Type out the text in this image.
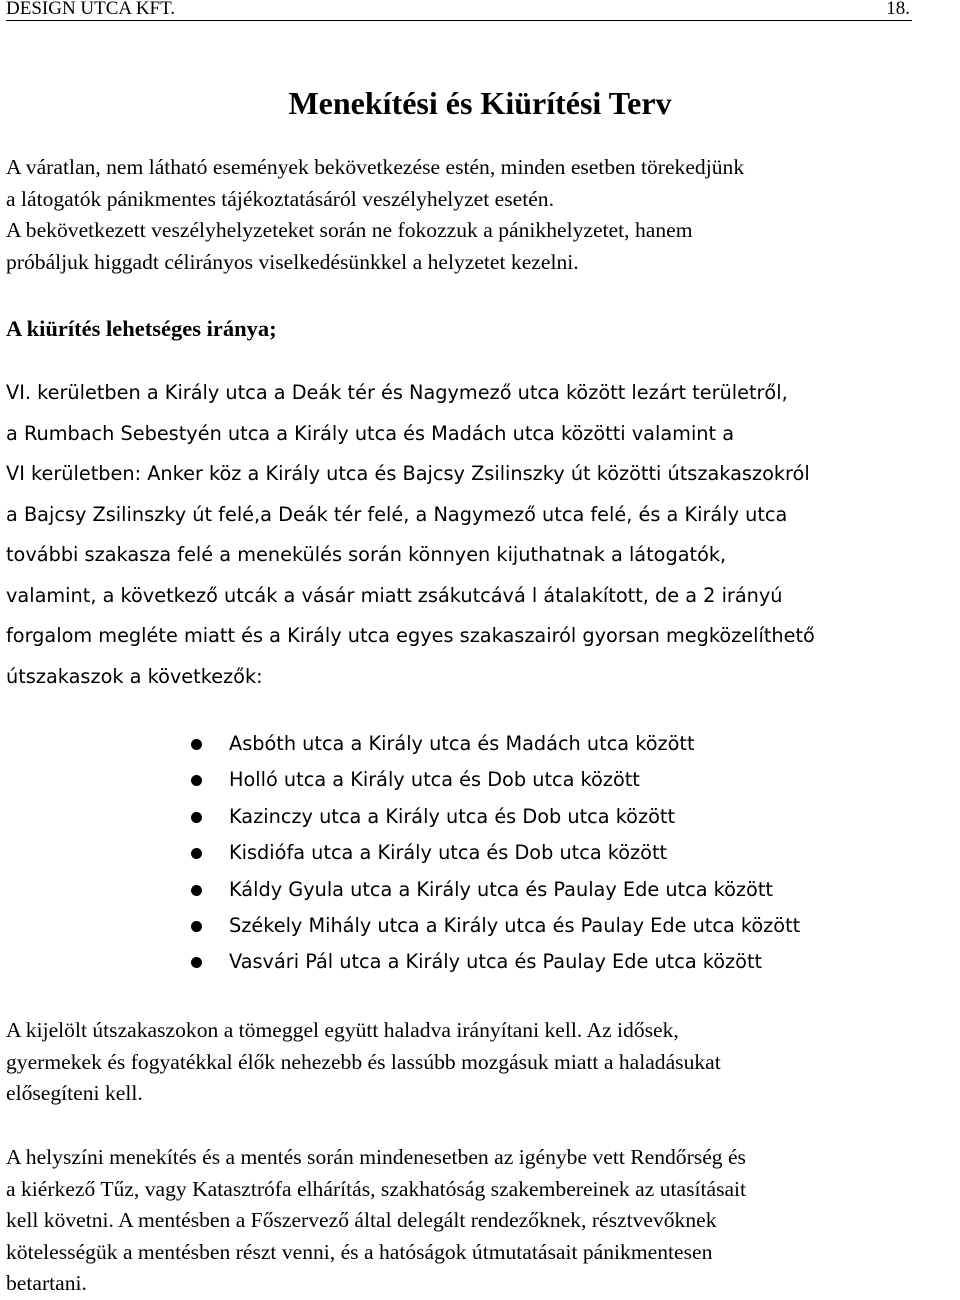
DESIGN UTCA KFT.	18.
Menekítési és Kiürítési Terv

A váratlan, nem látható események bekövetkezése estén, minden esetben törekedjünk
a látogatók pánikmentes tájékoztatásáról veszélyhelyzet esetén.
A bekövetkezett veszélyhelyzeteket során ne fokozzuk a pánikhelyzetet, hanem
próbáljuk higgadt célirányos viselkedésünkkel a helyzetet kezelni.

A kiürítés lehetséges iránya;

VI. kerületben a Király utca a Deák tér és Nagymező utca között lezárt területről,
a Rumbach Sebestyén utca a Király utca és Madách utca közötti valamint a
VI kerületben: Anker köz a Király utca és Bajcsy Zsilinszky út közötti útszakaszokról
a Bajcsy Zsilinszky út felé,a Deák tér felé, a Nagymező utca felé, és a Király utca
további szakasza felé a menekülés során könnyen kijuthatnak a látogatók,
valamint, a következő utcák a vásár miatt zsákutcává l átalakított, de a 2 irányú
forgalom megléte miatt és a Király utca egyes szakaszairól gyorsan megközelíthető
útszakaszok a következők:

Asbóth utca a Király utca és Madách utca között
Holló utca a Király utca és Dob utca között
Kazinczy utca a Király utca és Dob utca között
Kisdiófa utca a Király utca és Dob utca között
Káldy Gyula utca a Király utca és Paulay Ede utca között
Székely Mihály utca a Király utca és Paulay Ede utca között
Vasvári Pál utca a Király utca és Paulay Ede utca között

A kijelölt útszakaszokon a tömeggel együtt haladva irányítani kell. Az idősek,
gyermekek és fogyatékkal élők nehezebb és lassúbb mozgásuk miatt a haladásukat
elősegíteni kell.

A helyszíni menekítés és a mentés során mindenesetben az igénybe vett Rendőrség és
a kiérkező Tűz, vagy Katasztrófa elhárítás, szakhatóság szakembereinek az utasításait
kell követni. A mentésben a Főszervező által delegált rendezőknek, résztvevőknek
kötelességük a mentésben részt venni, és a hatóságok útmutatásait pánikmentesen
betartani.
